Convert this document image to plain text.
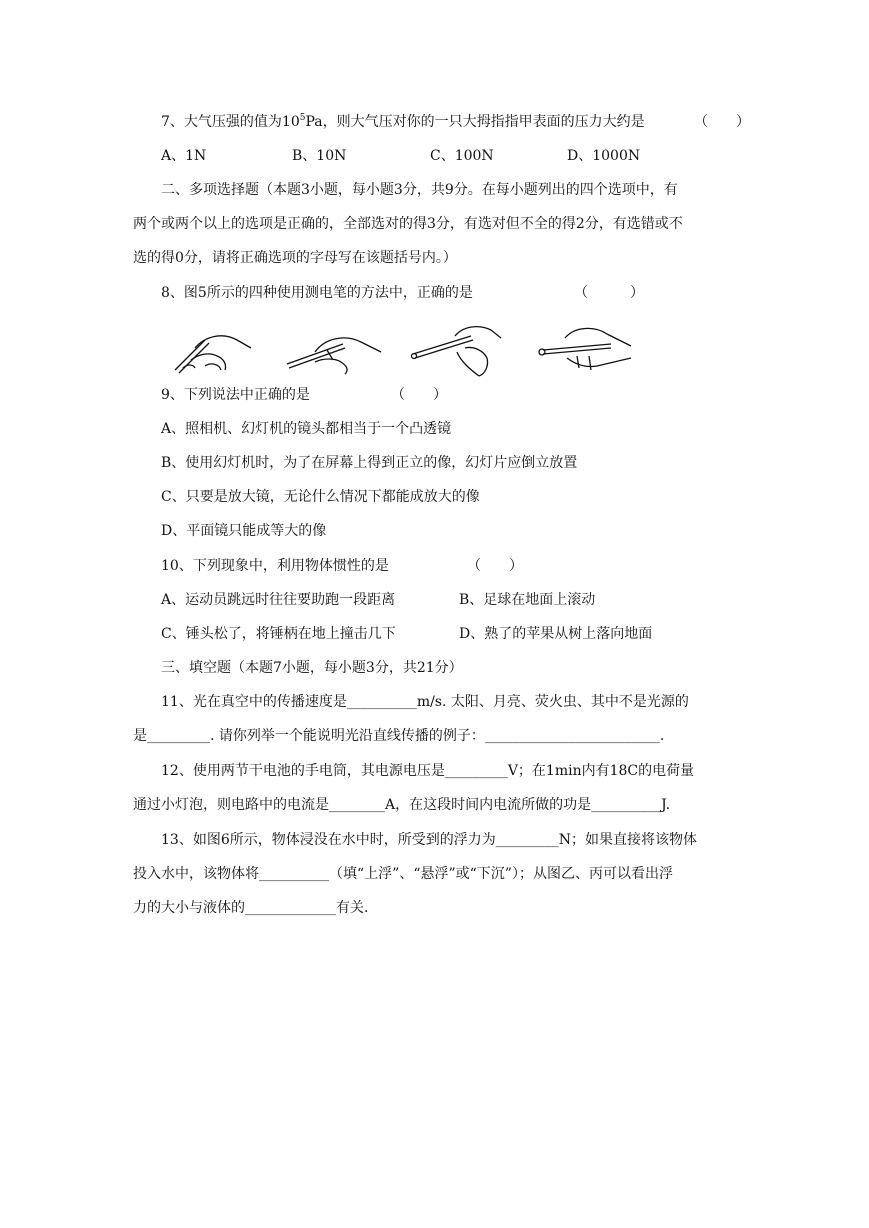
7、大气压强的值为$10^5Pa$，则大气压对你的一只大拇指指甲表面的压力大约是	（　　）
A、1N	B、10N	C、100N	D、1000N
二、多项选择题（本题3小题，每小题3分，共9分。在每小题列出的四个选项中，有
两个或两个以上的选项是正确的，全部选对的得3分，有选对但不全的得2分，有选错或不
选的得0分，请将正确选项的字母写在该题括号内。）
8、图5所示的四种使用测电笔的方法中，正确的是	（　　　）
9、下列说法中正确的是	（　　）
A、照相机、幻灯机的镜头都相当于一个凸透镜
B、使用幻灯机时，为了在屏幕上得到正立的像，幻灯片应倒立放置
C、只要是放大镜，无论什么情况下都能成放大的像
D、平面镜只能成等大的像
10、下列现象中，利用物体惯性的是	（　　）
A、运动员跳远时往往要助跑一段距离	B、足球在地面上滚动
C、锤头松了，将锤柄在地上撞击几下	D、熟了的苹果从树上落向地面
三、填空题（本题7小题，每小题3分，共21分）
11、光在真空中的传播速度是__________m/s. 太阳、月亮、荧火虫、其中不是光源的
是_________. 请你列举一个能说明光沿直线传播的例子：_________________________.
12、使用两节干电池的手电筒，其电源电压是_________V；在1min内有18C的电荷量
通过小灯泡，则电路中的电流是________A，在这段时间内电流所做的功是__________J.
13、如图6所示，物体浸没在水中时，所受到的浮力为_________N；如果直接将该物体
投入水中，该物体将__________（填“上浮”、“悬浮”或“下沉”）；从图乙、丙可以看出浮
力的大小与液体的_____________有关.
